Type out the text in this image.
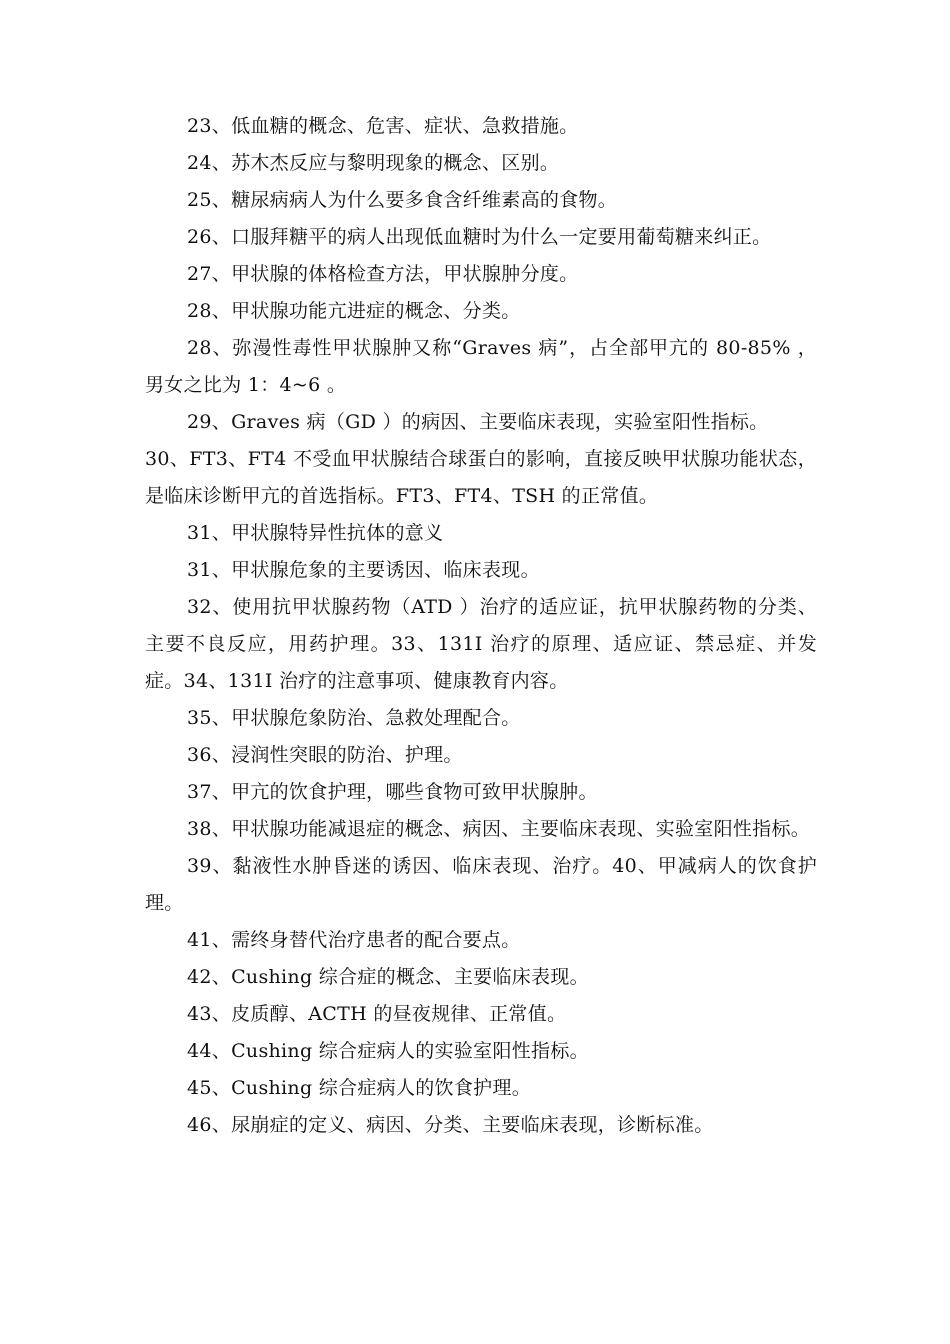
23、低血糖的概念、危害、症状、急救措施。

24、苏木杰反应与黎明现象的概念、区别。

25、糖尿病病人为什么要多食含纤维素高的食物。

26、口服拜糖平的病人出现低血糖时为什么一定要用葡萄糖来纠正。

27、甲状腺的体格检查方法，甲状腺肿分度。

28、甲状腺功能亢进症的概念、分类。

28、弥漫性毒性甲状腺肿又称“Graves 病”，占全部甲亢的 80-85% ，男女之比为 1：4~6 。

29、Graves 病（GD ）的病因、主要临床表现，实验室阳性指标。

30、FT3、FT4 不受血甲状腺结合球蛋白的影响，直接反映甲状腺功能状态，是临床诊断甲亢的首选指标。FT3、FT4、TSH 的正常值。

31、甲状腺特异性抗体的意义

31、甲状腺危象的主要诱因、临床表现。

32、使用抗甲状腺药物（ATD ）治疗的适应证，抗甲状腺药物的分类、主要不良反应，用药护理。33、131I 治疗的原理、适应证、禁忌症、并发症。34、131I 治疗的注意事项、健康教育内容。

35、甲状腺危象防治、急救处理配合。

36、浸润性突眼的防治、护理。

37、甲亢的饮食护理，哪些食物可致甲状腺肿。

38、甲状腺功能减退症的概念、病因、主要临床表现、实验室阳性指标。

39、黏液性水肿昏迷的诱因、临床表现、治疗。40、甲减病人的饮食护理。

41、需终身替代治疗患者的配合要点。

42、Cushing 综合症的概念、主要临床表现。

43、皮质醇、ACTH 的昼夜规律、正常值。

44、Cushing 综合症病人的实验室阳性指标。

45、Cushing 综合症病人的饮食护理。

46、尿崩症的定义、病因、分类、主要临床表现，诊断标准。
